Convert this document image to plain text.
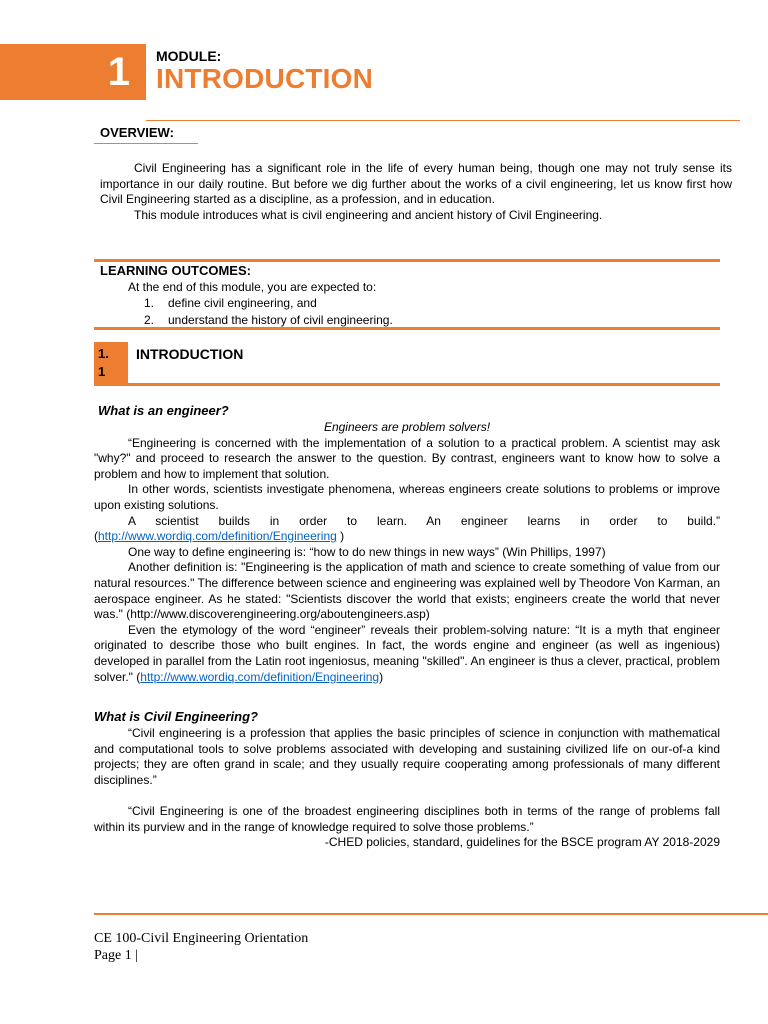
1 MODULE:
INTRODUCTION
OVERVIEW:

Civil Engineering has a significant role in the life of every human being, though one may not truly sense its importance in our daily routine. But before we dig further about the works of a civil engineering, let us know first how Civil Engineering started as a discipline, as a profession, and in education.

This module introduces what is civil engineering and ancient history of Civil Engineering.

LEARNING OUTCOMES:
At the end of this module, you are expected to:
1. define civil engineering, and
2. understand the history of civil engineering.
1.
1
INTRODUCTION
What is an engineer?

Engineers are problem solvers!

“Engineering is concerned with the implementation of a solution to a practical problem. A scientist may ask "why?" and proceed to research the answer to the question. By contrast, engineers want to know how to solve a problem and how to implement that solution.

In other words, scientists investigate phenomena, whereas engineers create solutions to problems or improve upon existing solutions.

A scientist builds in order to learn. An engineer learns in order to build.”

(http://www.wordiq.com/definition/Engineering )

One way to define engineering is: “how to do new things in new ways” (Win Phillips, 1997)

Another definition is: "Engineering is the application of math and science to create something of value from our natural resources." The difference between science and engineering was explained well by Theodore Von Karman, an aerospace engineer. As he stated: "Scientists discover the world that exists; engineers create the world that never was." (http://www.discoverengineering.org/aboutengineers.asp)

Even the etymology of the word “engineer” reveals their problem-solving nature: “It is a myth that engineer originated to describe those who built engines. In fact, the words engine and engineer (as well as ingenious) developed in parallel from the Latin root ingeniosus, meaning "skilled". An engineer is thus a clever, practical, problem solver." (http://www.wordiq.com/definition/Engineering)

What is Civil Engineering?

“Civil engineering is a profession that applies the basic principles of science in conjunction with mathematical and computational tools to solve problems associated with developing and sustaining civilized life on our-of-a kind projects; they are often grand in scale; and they usually require cooperating among professionals of many different disciplines.”

“Civil Engineering is one of the broadest engineering disciplines both in terms of the range of problems fall within its purview and in the range of knowledge required to solve those problems.”

-CHED policies, standard, guidelines for the BSCE program AY 2018-2029

CE 100-Civil Engineering Orientation
Page 1 |
